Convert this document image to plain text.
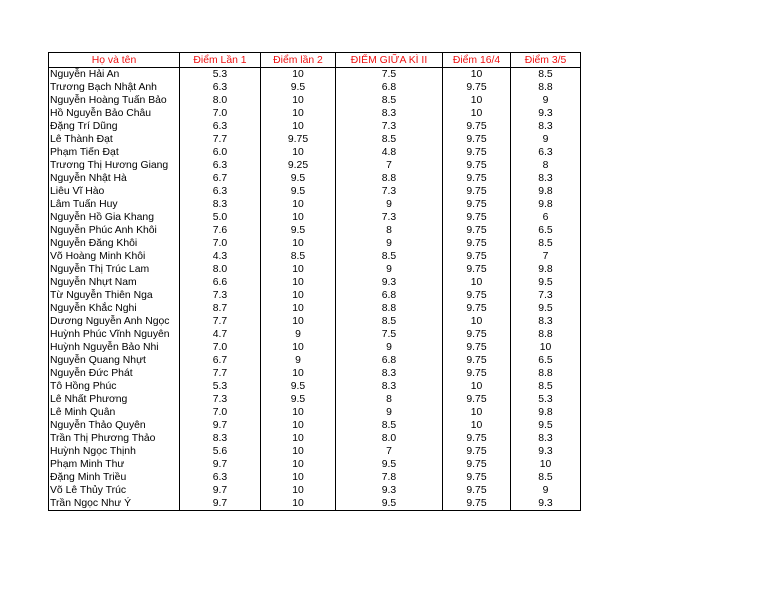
Họ và tên	Điểm Lần 1	Điểm lần 2	ĐIỂM GIỮA KÌ II	Điểm 16/4	Điểm 3/5
Nguyễn Hải An	5.3	10	7.5	10	8.5
Trương Bạch Nhật Anh	6.3	9.5	6.8	9.75	8.8
Nguyễn Hoàng Tuấn Bảo	8.0	10	8.5	10	9
Hồ Nguyễn Bảo Châu	7.0	10	8.3	10	9.3
Đặng Trí Dũng	6.3	10	7.3	9.75	8.3
Lê Thành Đạt	7.7	9.75	8.5	9.75	9
Phạm Tiến Đạt	6.0	10	4.8	9.75	6.3
Trương Thị Hương Giang	6.3	9.25	7	9.75	8
Nguyễn Nhật Hà	6.7	9.5	8.8	9.75	8.3
Liêu Vĩ Hào	6.3	9.5	7.3	9.75	9.8
Lâm Tuấn Huy	8.3	10	9	9.75	9.8
Nguyễn Hồ Gia Khang	5.0	10	7.3	9.75	6
Nguyễn Phúc Anh Khôi	7.6	9.5	8	9.75	6.5
Nguyễn Đăng Khôi	7.0	10	9	9.75	8.5
Võ Hoàng Minh Khôi	4.3	8.5	8.5	9.75	7
Nguyễn Thị Trúc Lam	8.0	10	9	9.75	9.8
Nguyễn Nhựt Nam	6.6	10	9.3	10	9.5
Từ Nguyễn Thiên Nga	7.3	10	6.8	9.75	7.3
Nguyễn Khắc Nghi	8.7	10	8.8	9.75	9.5
Dương Nguyễn Anh Ngọc	7.7	10	8.5	10	8.3
Huỳnh Phúc Vĩnh Nguyên	4.7	9	7.5	9.75	8.8
Huỳnh Nguyễn Bảo Nhi	7.0	10	9	9.75	10
Nguyễn Quang Nhựt	6.7	9	6.8	9.75	6.5
Nguyễn Đức Phát	7.7	10	8.3	9.75	8.8
Tô Hồng Phúc	5.3	9.5	8.3	10	8.5
Lê Nhất Phương	7.3	9.5	8	9.75	5.3
Lê Minh Quân	7.0	10	9	10	9.8
Nguyễn Thảo Quyên	9.7	10	8.5	10	9.5
Trần Thị Phương Thảo	8.3	10	8.0	9.75	8.3
Huỳnh Ngọc Thịnh	5.6	10	7	9.75	9.3
Phạm Minh Thư	9.7	10	9.5	9.75	10
Đặng Minh Triều	6.3	10	7.8	9.75	8.5
Võ Lê Thủy Trúc	9.7	10	9.3	9.75	9
Trần Ngọc Như Ý	9.7	10	9.5	9.75	9.3
